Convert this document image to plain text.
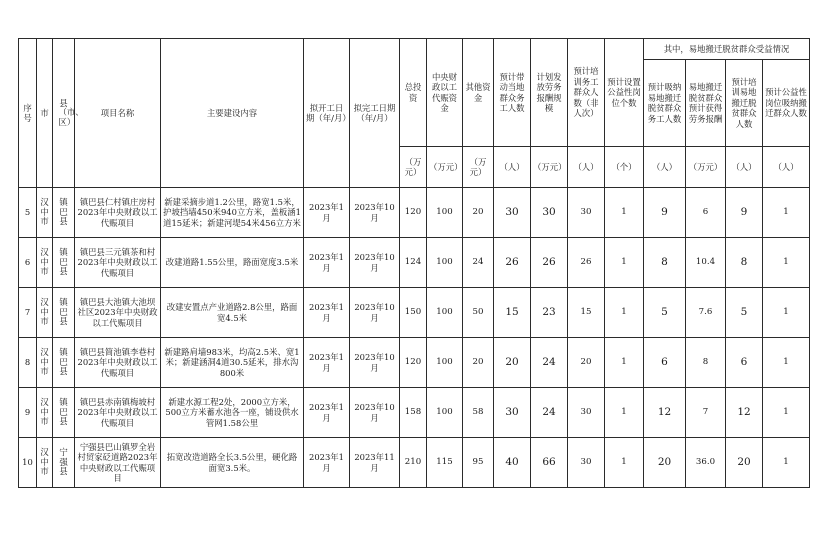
序号	市	县（市、区）	项目名称	主要建设内容	拟开工日期（年/月）	拟完工日期（年/月）	总投资	中央财政以工代赈资金	其他资金	预计带动当地群众务工人数	计划发放劳务报酬规模	预计培训务工群众人数（非人次）	预计设置公益性岗位个数	其中，易地搬迁脱贫群众受益情况			
														预计吸纳易地搬迁脱贫群众务工人数	易地搬迁脱贫群众预计获得劳务报酬	预计培训易地搬迁脱贫群众人数	预计公益性岗位吸纳搬迁群众人数
							（万元）	（万元）	（万元）	（人）	（万元）	（人）	（个）	（人）	（万元）	（人）	（人）
5	汉中市	镇巴县	镇巴县仁村镇庄房村2023年中央财政以工代赈项目	新建采摘步道1.2公里，路宽1.5米，护坡挡墙450米940立方米，盖板涵1道15延米；新建河堤54米456立方米	2023年1月	2023年10月	120	100	20	30	30	30	1	9	6	9	1
6	汉中市	镇巴县	镇巴县三元镇茶和村2023年中央财政以工代赈项目	改建道路1.55公里，路面宽度3.5米	2023年1月	2023年10月	124	100	24	26	26	26	1	8	10.4	8	1
7	汉中市	镇巴县	镇巴县大池镇大池坝社区2023年中央财政以工代赈项目	改建安置点产业道路2.8公里，路面宽4.5米	2023年1月	2023年10月	150	100	50	15	23	15	1	5	7.6	5	1
8	汉中市	镇巴县	镇巴县简池镇李巷村2023年中央财政以工代赈项目	新建路肩墙983米，均高2.5米、宽1米；新建涵洞4道30.5延米，排水沟800米	2023年1月	2023年10月	120	100	20	20	24	20	1	6	8	6	1
9	汉中市	镇巴县	镇巴县赤南镇梅坡村2023年中央财政以工代赈项目	新建水源工程2处，2000立方米，500立方米蓄水池各一座，铺设供水管网1.58公里	2023年1月	2023年10月	158	100	58	30	24	30	1	12	7	12	1
10	汉中市	宁强县	宁强县巴山镇罗全岩村贸家砭道路2023年中央财政以工代赈项目	拓宽改造道路全长3.5公里，硬化路面宽3.5米。	2023年1月	2023年11月	210	115	95	40	66	30	1	20	36.0	20	1
